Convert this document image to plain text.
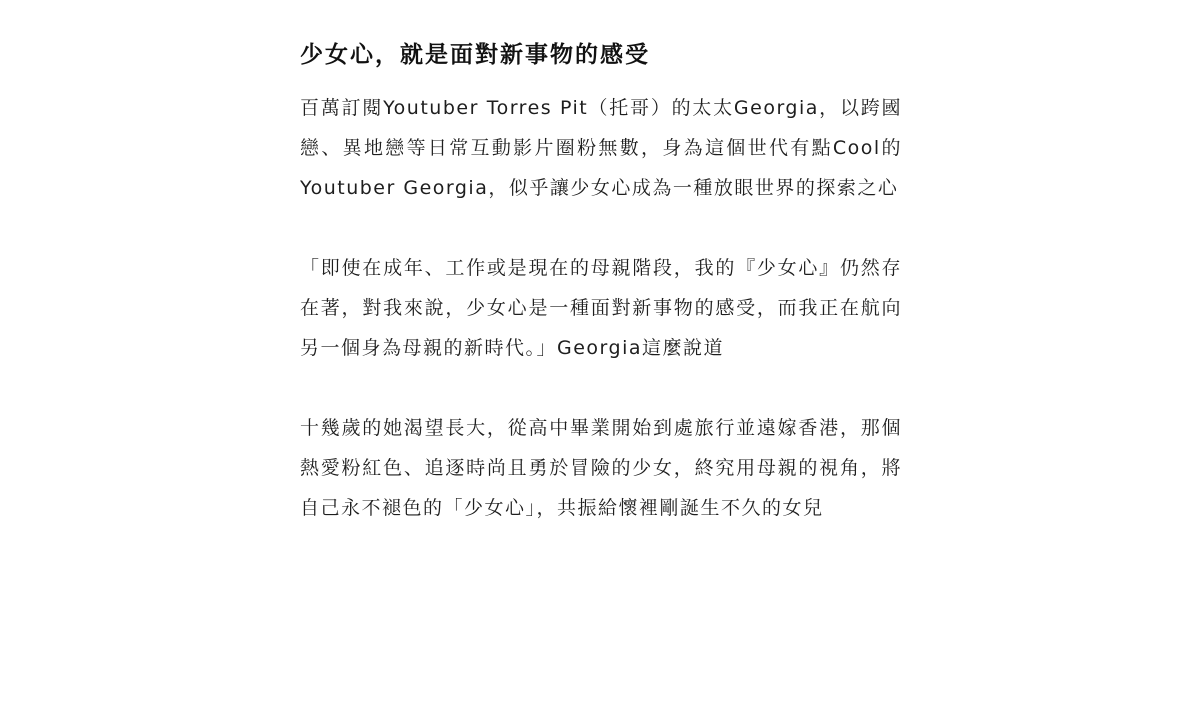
少女心，就是面對新事物的感受

百萬訂閱Youtuber Torres Pit（托哥）的太太Georgia，以跨國戀、異地戀等日常互動影片圈粉無數，身為這個世代有點Cool的Youtuber Georgia，似乎讓少女心成為一種放眼世界的探索之心

「即使在成年、工作或是現在的母親階段，我的『少女心』仍然存在著，對我來說，少女心是一種面對新事物的感受，而我正在航向另一個身為母親的新時代。」Georgia這麼說道

十幾歲的她渴望長大，從高中畢業開始到處旅行並遠嫁香港，那個熱愛粉紅色、追逐時尚且勇於冒險的少女，終究用母親的視角，將自己永不褪色的「少女心」，共振給懷裡剛誕生不久的女兒
